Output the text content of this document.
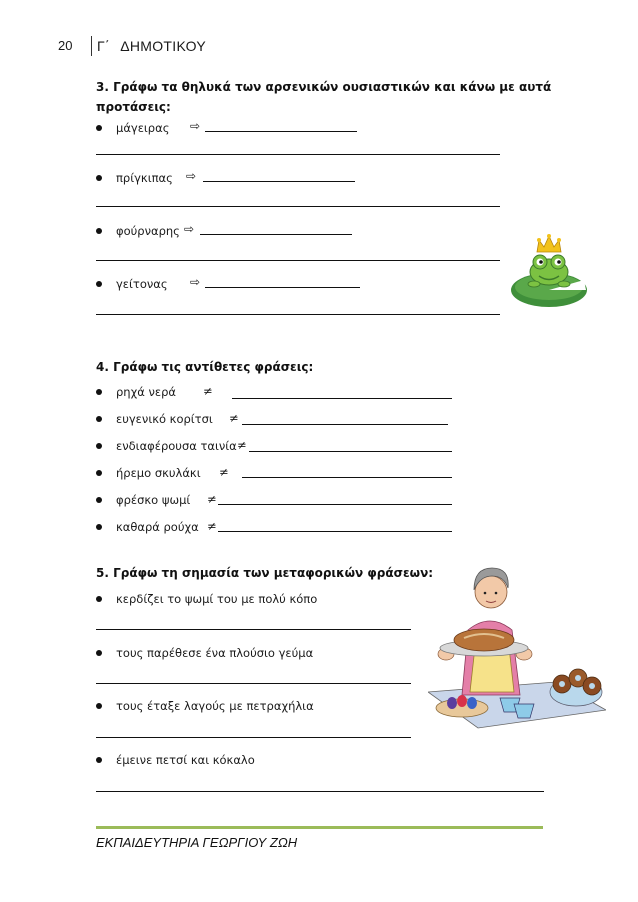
20 Γ΄ ΔΗΜΟΤΙΚΟΥ
3. Γράφω τα θηλυκά των αρσενικών ουσιαστικών και κάνω με αυτά
προτάσεις:
μάγειρας ⇨
πρίγκιπας ⇨
φούρναρης ⇨
γείτονας ⇨
4. Γράφω τις αντίθετες φράσεις:
ρηχά νερά ≠
ευγενικό κορίτσι ≠
ενδιαφέρουσα ταινία ≠
ήρεμο σκυλάκι ≠
φρέσκο ψωμί ≠
καθαρά ρούχα ≠
5. Γράφω τη σημασία των μεταφορικών φράσεων:
κερδίζει το ψωμί του με πολύ κόπο
τους παρέθεσε ένα πλούσιο γεύμα
τους έταξε λαγούς με πετραχήλια
έμεινε πετσί και κόκαλο
ΕΚΠΑΙΔΕΥΤΗΡΙΑ ΓΕΩΡΓΙΟΥ ΖΩΗ
